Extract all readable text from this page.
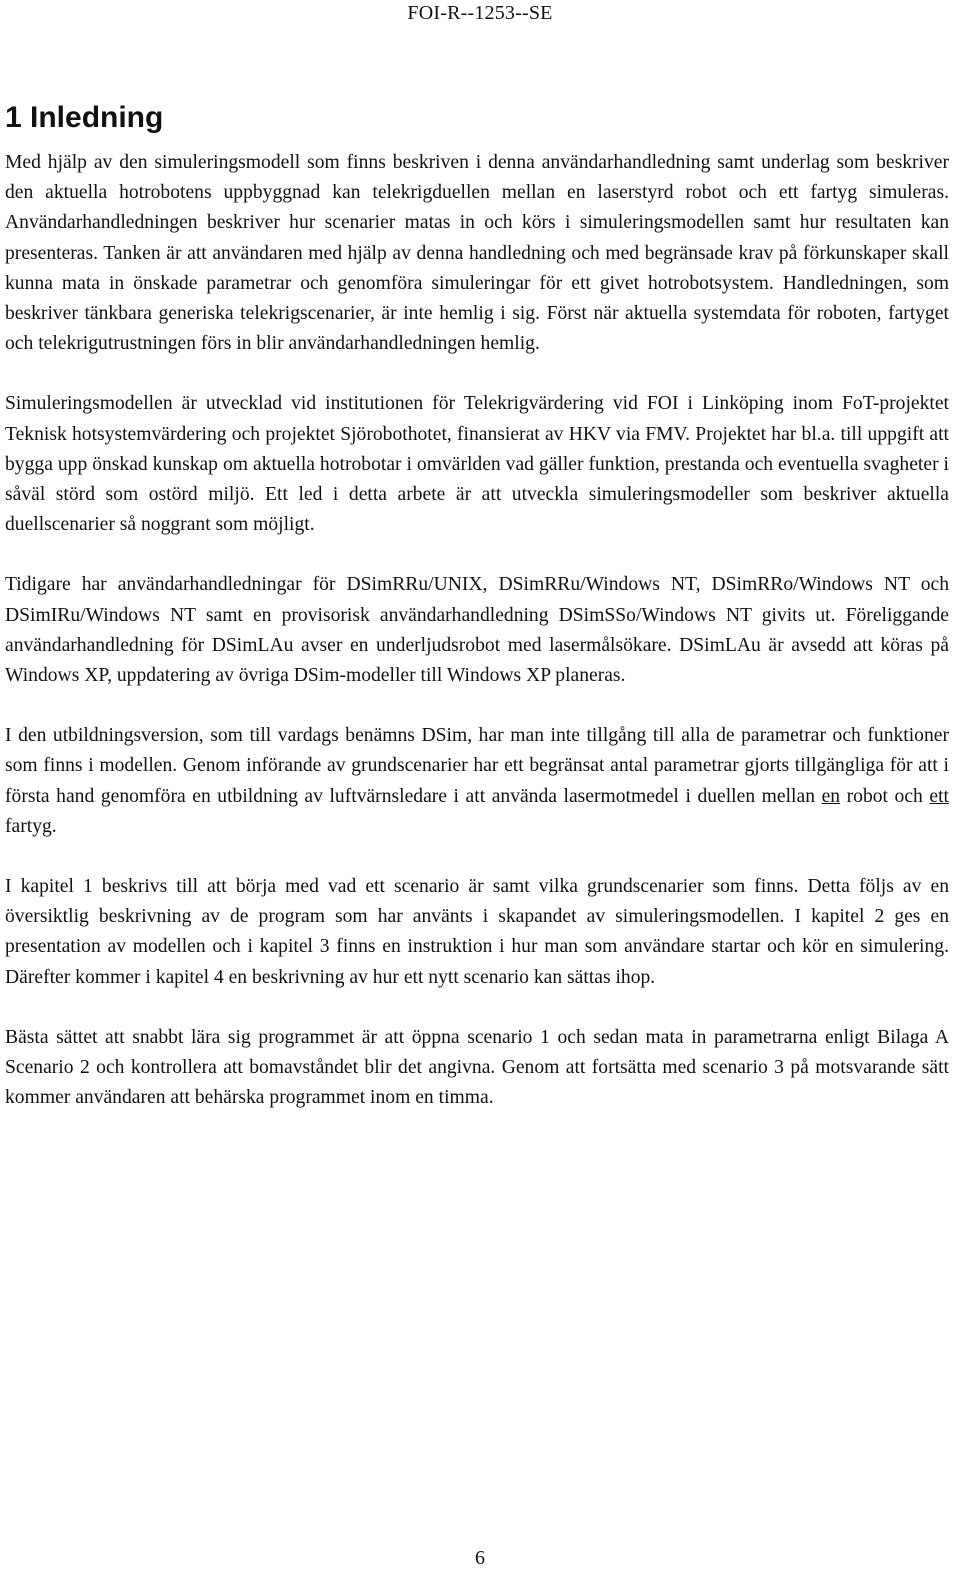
FOI-R--1253--SE
1 Inledning

Med hjälp av den simuleringsmodell som finns beskriven i denna användarhandledning samt underlag som beskriver den aktuella hotrobotens uppbyggnad kan telekrigduellen mellan en laserstyrd robot och ett fartyg simuleras. Användarhandledningen beskriver hur scenarier matas in och körs i simuleringsmodellen samt hur resultaten kan presenteras. Tanken är att användaren med hjälp av denna handledning och med begränsade krav på förkunskaper skall kunna mata in önskade parametrar och genomföra simuleringar för ett givet hotrobotsystem. Handledningen, som beskriver tänkbara generiska telekrigscenarier, är inte hemlig i sig. Först när aktuella systemdata för roboten, fartyget och telekrigutrustningen förs in blir användarhandledningen hemlig.

Simuleringsmodellen är utvecklad vid institutionen för Telekrigvärdering vid FOI i Linköping inom FoT-projektet Teknisk hotsystemvärdering och projektet Sjörobothotet, finansierat av HKV via FMV. Projektet har bl.a. till uppgift att bygga upp önskad kunskap om aktuella hotrobotar i omvärlden vad gäller funktion, prestanda och eventuella svagheter i såväl störd som ostörd miljö. Ett led i detta arbete är att utveckla simuleringsmodeller som beskriver aktuella duellscenarier så noggrant som möjligt.

Tidigare har användarhandledningar för DSimRRu/UNIX, DSimRRu/Windows NT, DSimRRo/Windows NT och DSimIRu/Windows NT samt en provisorisk användarhandledning DSimSSo/Windows NT givits ut. Föreliggande användarhandledning för DSimLAu avser en underljudsrobot med lasermålsökare. DSimLAu är avsedd att köras på Windows XP, uppdatering av övriga DSim-modeller till Windows XP planeras.

I den utbildningsversion, som till vardags benämns DSim, har man inte tillgång till alla de parametrar och funktioner som finns i modellen. Genom införande av grundscenarier har ett begränsat antal parametrar gjorts tillgängliga för att i första hand genomföra en utbildning av luftvärnsledare i att använda lasermotmedel i duellen mellan en robot och ett fartyg.

I kapitel 1 beskrivs till att börja med vad ett scenario är samt vilka grundscenarier som finns. Detta följs av en översiktlig beskrivning av de program som har använts i skapandet av simuleringsmodellen. I kapitel 2 ges en presentation av modellen och i kapitel 3 finns en instruktion i hur man som användare startar och kör en simulering. Därefter kommer i kapitel 4 en beskrivning av hur ett nytt scenario kan sättas ihop.

Bästa sättet att snabbt lära sig programmet är att öppna scenario 1 och sedan mata in parametrarna enligt Bilaga A Scenario 2 och kontrollera att bomavståndet blir det angivna. Genom att fortsätta med scenario 3 på motsvarande sätt kommer användaren att behärska programmet inom en timma.

6
